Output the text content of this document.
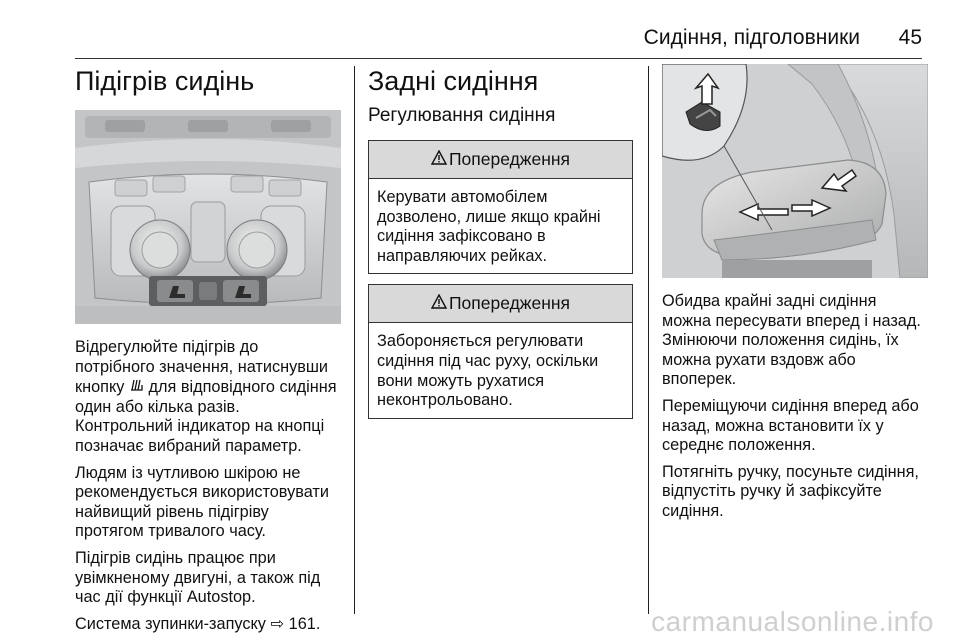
Сидіння, підголовники 45
Підігрів сидінь

Відрегулюйте підігрів до потрібного значення, натиснувши кнопку для відповідного сидіння один або кілька разів. Контрольний індикатор на кнопці позначає вибраний параметр.

Людям із чутливою шкірою не рекомендується використовувати найвищий рівень підігріву протягом тривалого часу.

Підігрів сидінь працює при увімкненому двигуні, а також під час дії функції Autostop.

Система зупинки-запуску ⇨ 161.

Задні сидіння
Регулювання сидіння
Попередження
Керувати автомобілем дозволено, лише якщо крайні сидіння зафіксовано в направляючих рейках.
Попередження
Забороняється регулювати сидіння під час руху, оскільки вони можуть рухатися неконтрольовано.

Обидва крайні задні сидіння можна пересувати вперед і назад. Змінюючи положення сидінь, їх можна рухати вздовж або впоперек.

Переміщуючи сидіння вперед або назад, можна встановити їх у середнє положення.

Потягніть ручку, посуньте сидіння, відпустіть ручку й зафіксуйте сидіння.

carmanualsonline.info
